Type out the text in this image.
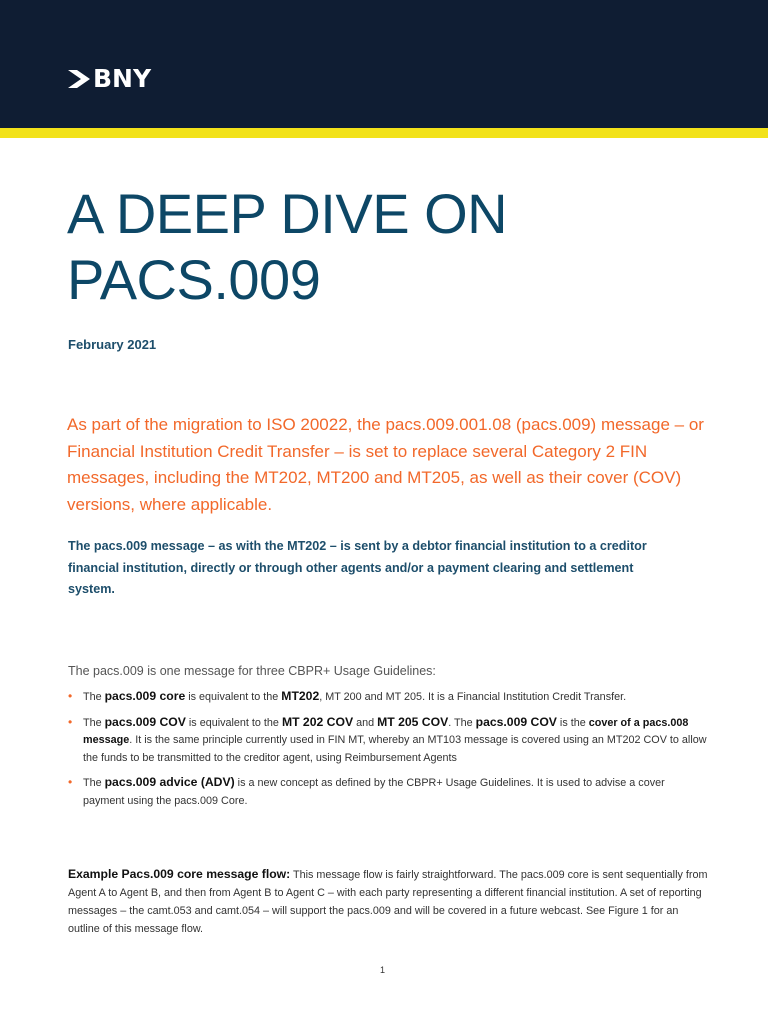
BNY
A DEEP DIVE ON
PACS.009
February 2021

As part of the migration to ISO 20022, the pacs.009.001.08 (pacs.009) message – or Financial Institution Credit Transfer – is set to replace several Category 2 FIN messages, including the MT202, MT200 and MT205, as well as their cover (COV) versions, where applicable.

The pacs.009 message – as with the MT202 – is sent by a debtor financial institution to a creditor financial institution, directly or through other agents and/or a payment clearing and settlement system.

The pacs.009 is one message for three CBPR+ Usage Guidelines:

• The pacs.009 core is equivalent to the MT202, MT 200 and MT 205. It is a Financial Institution Credit Transfer.
• The pacs.009 COV is equivalent to the MT 202 COV and MT 205 COV. The pacs.009 COV is the cover of a pacs.008 message. It is the same principle currently used in FIN MT, whereby an MT103 message is covered using an MT202 COV to allow the funds to be transmitted to the creditor agent, using Reimbursement Agents
• The pacs.009 advice (ADV) is a new concept as defined by the CBPR+ Usage Guidelines. It is used to advise a cover payment using the pacs.009 Core.

Example Pacs.009 core message flow: This message flow is fairly straightforward. The pacs.009 core is sent sequentially from Agent A to Agent B, and then from Agent B to Agent C – with each party representing a different financial institution. A set of reporting messages – the camt.053 and camt.054 – will support the pacs.009 and will be covered in a future webcast. See Figure 1 for an outline of this message flow.

1
